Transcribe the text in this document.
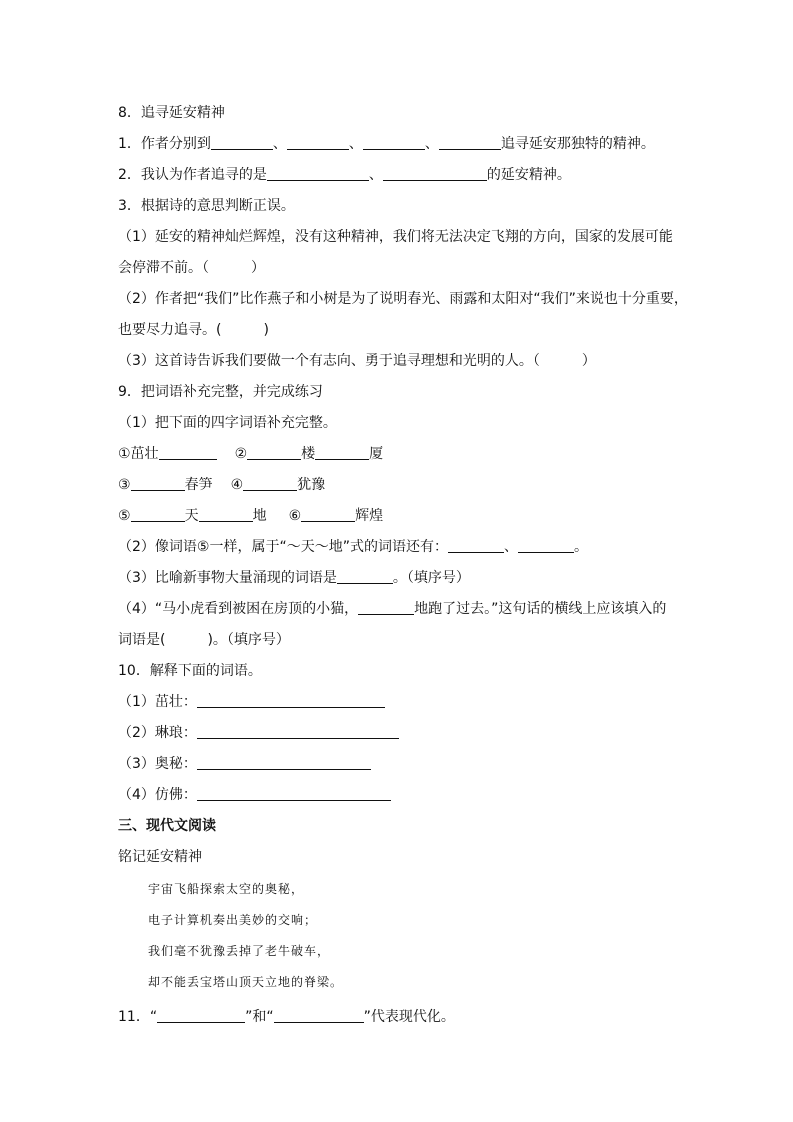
8．追寻延安精神
1．作者分别到	、	、	、	追寻延安那独特的精神。
2．我认为作者追寻的是	、	的延安精神。
3．根据诗的意思判断正误。
（1）延安的精神灿烂辉煌，没有这种精神，我们将无法决定飞翔的方向，国家的发展可能
会停滞不前。（　　　）
（2）作者把“我们”比作燕子和小树是为了说明春光、雨露和太阳对“我们”来说也十分重要，
也要尽力追寻。(　　　)
（3）这首诗告诉我们要做一个有志向、勇于追寻理想和光明的人。（　　　）
9．把词语补充完整，并完成练习
（1）把下面的四字词语补充完整。
①茁壮	②	楼	厦
③	春笋 ④	犹豫
⑤	天	地 ⑥	辉煌
（2）像词语⑤一样，属于“～天～地”式的词语还有：	、	。
（3）比喻新事物大量涌现的词语是	。（填序号）
（4）“马小虎看到被困在房顶的小猫，	地跑了过去。”这句话的横线上应该填入的
词语是(　　　)。（填序号）
10．解释下面的词语。
（1）茁壮：
（2）琳琅：
（3）奥秘：
（4）仿佛：
三、现代文阅读
铭记延安精神
宇宙飞船探索太空的奥秘，
电子计算机奏出美妙的交响；
我们毫不犹豫丢掉了老牛破车，
却不能丢宝塔山顶天立地的脊梁。
11．“	”和“	”代表现代化。
